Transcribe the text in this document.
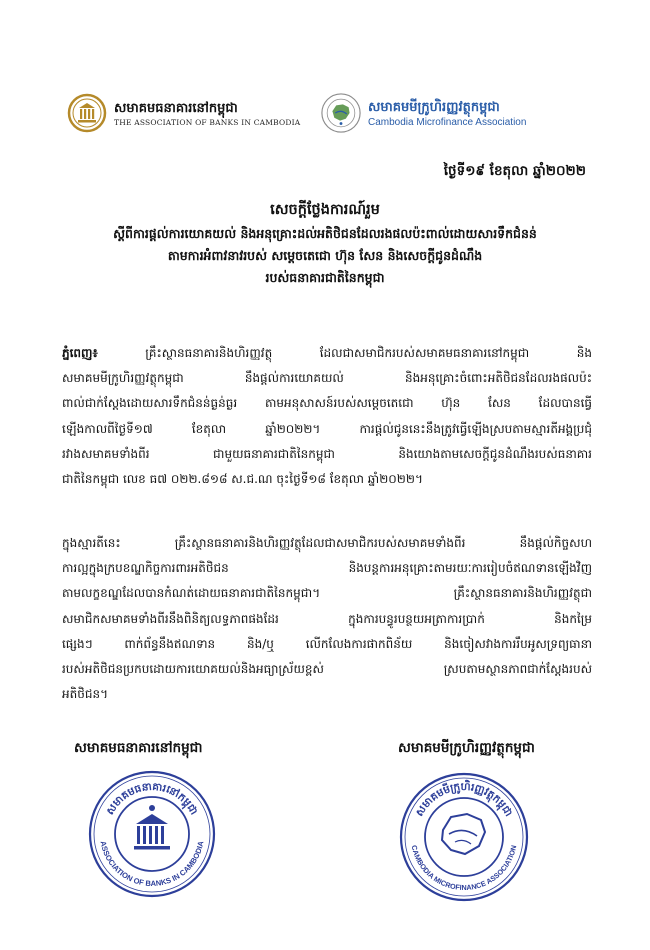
សមាគមធនាគារនៅកម្ពុជា
THE ASSOCIATION OF BANKS IN CAMBODIA
សមាគមមីក្រូហិរញ្ញវត្ថុកម្ពុជា
Cambodia Microfinance Association
ថ្ងៃទី១៩ ខែតុលា ឆ្នាំ២០២២
សេចក្តីថ្លែងការណ៍រួម
ស្តីពីការផ្តល់ការយោគយល់ និងអនុគ្រោះដល់អតិថិជនដែលរងផលប៉ះពាល់ដោយសារទឹកជំនន់
តាមការអំពាវនាវរបស់ សម្តេចតេជោ ហ៊ុន សែន និងសេចក្តីជូនដំណឹង
របស់ធនាគារជាតិនៃកម្ពុជា
ភ្នំពេញ៖	គ្រឹះស្ថានធនាគារនិងហិរញ្ញវត្ថុ ដែលជាសមាជិករបស់សមាគមធនាគារនៅកម្ពុជា និង
សមាគមមីក្រូហិរញ្ញវត្ថុកម្ពុជា នឹងផ្តល់ការយោគយល់ និងអនុគ្រោះចំពោះអតិថិជនដែលរងផលប៉ះ
ពាល់ជាក់ស្តែងដោយសារទឹកជំនន់ធ្ងន់ធ្ងរ តាមអនុសាសន៍របស់សម្តេចតេជោ ហ៊ុន សែន ដែលបានធ្វើ
ឡើងកាលពីថ្ងៃទី១៧ ខែតុលា ឆ្នាំ២០២២។ ការផ្តល់ជូននេះនឹងត្រូវធ្វើឡើងស្របតាមស្មារតីអង្គប្រជុំ
រវាងសមាគមទាំងពីរ ជាមួយធនាគារជាតិនៃកម្ពុជា និងយោងតាមសេចក្តីជូនដំណឹងរបស់ធនាគារ
ជាតិនៃកម្ពុជា លេខ ធ៧ ០២២.៨១៨ ស.ជ.ណ ចុះថ្ងៃទី១៨ ខែតុលា ឆ្នាំ២០២២។
ក្នុងស្មារតីនេះ គ្រឹះស្ថានធនាគារនិងហិរញ្ញវត្ថុដែលជាសមាជិករបស់សមាគមទាំងពីរ នឹងផ្តល់កិច្ចសហ
ការល្អក្នុងក្របខណ្ឌកិច្ចការពារអតិថិជន និងបន្តការអនុគ្រោះតាមរយៈការរៀបចំឥណទានឡើងវិញ
តាមលក្ខខណ្ឌដែលបានកំណត់ដោយធនាគារជាតិនៃកម្ពុជា។ គ្រឹះស្ថានធនាគារនិងហិរញ្ញវត្ថុជា
សមាជិកសមាគមទាំងពីរនឹងពិនិត្យលទ្ធភាពផងដែរ ក្នុងការបន្ធូរបន្ថយអត្រាការប្រាក់ និងកម្រៃ
ផ្សេងៗ ពាក់ព័ន្ធនឹងឥណទាន និង/ឬ លើកលែងការផាកពិន័យ និងចៀសវាងការរឹបអូសទ្រព្យធានា
របស់អតិថិជនប្រកបដោយការយោគយល់និងអធ្យាស្រ័យខ្ពស់ ស្របតាមស្ថានភាពជាក់ស្តែងរបស់
អតិថិជន។
សមាគមធនាគារនៅកម្ពុជា	សមាគមមីក្រូហិរញ្ញវត្ថុកម្ពុជា
សមាគមធនាគារនៅកម្ពុជា
ASSOCIATION OF BANKS IN CAMBODIA
សមាគមមីក្រូហិរញ្ញវត្ថុកម្ពុជា
CAMBODIA MICROFINANCE ASSOCIATION
